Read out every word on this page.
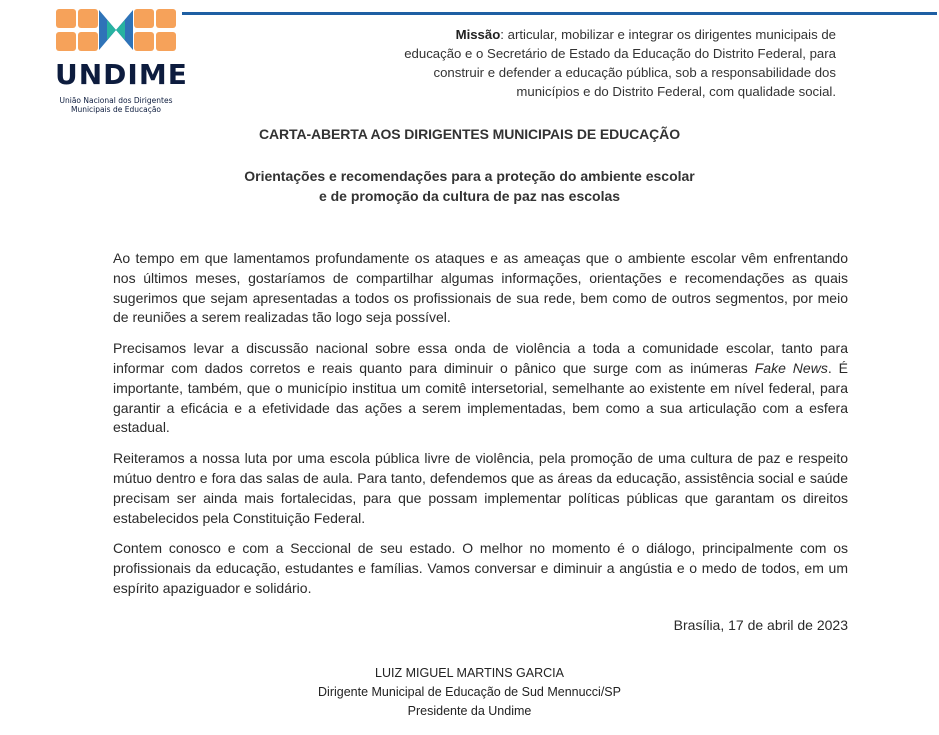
UNDIME
União Nacional dos Dirigentes
Municipais de Educação
Missão: articular, mobilizar e integrar os dirigentes municipais de
educação e o Secretário de Estado da Educação do Distrito Federal, para
construir e defender a educação pública, sob a responsabilidade dos
municípios e do Distrito Federal, com qualidade social.
CARTA-ABERTA AOS DIRIGENTES MUNICIPAIS DE EDUCAÇÃO
Orientações e recomendações para a proteção do ambiente escolar
e de promoção da cultura de paz nas escolas

Ao tempo em que lamentamos profundamente os ataques e as ameaças que o ambiente escolar vêm enfrentando nos últimos meses, gostaríamos de compartilhar algumas informações, orientações e recomendações as quais sugerimos que sejam apresentadas a todos os profissionais de sua rede, bem como de outros segmentos, por meio de reuniões a serem realizadas tão logo seja possível.

Precisamos levar a discussão nacional sobre essa onda de violência a toda a comunidade escolar, tanto para informar com dados corretos e reais quanto para diminuir o pânico que surge com as inúmeras Fake News. É importante, também, que o município institua um comitê intersetorial, semelhante ao existente em nível federal, para garantir a eficácia e a efetividade das ações a serem implementadas, bem como a sua articulação com a esfera estadual.

Reiteramos a nossa luta por uma escola pública livre de violência, pela promoção de uma cultura de paz e respeito mútuo dentro e fora das salas de aula. Para tanto, defendemos que as áreas da educação, assistência social e saúde precisam ser ainda mais fortalecidas, para que possam implementar políticas públicas que garantam os direitos estabelecidos pela Constituição Federal.

Contem conosco e com a Seccional de seu estado. O melhor no momento é o diálogo, principalmente com os profissionais da educação, estudantes e famílias. Vamos conversar e diminuir a angústia e o medo de todos, em um espírito apaziguador e solidário.

Brasília, 17 de abril de 2023
LUIZ MIGUEL MARTINS GARCIA
Dirigente Municipal de Educação de Sud Mennucci/SP
Presidente da Undime
